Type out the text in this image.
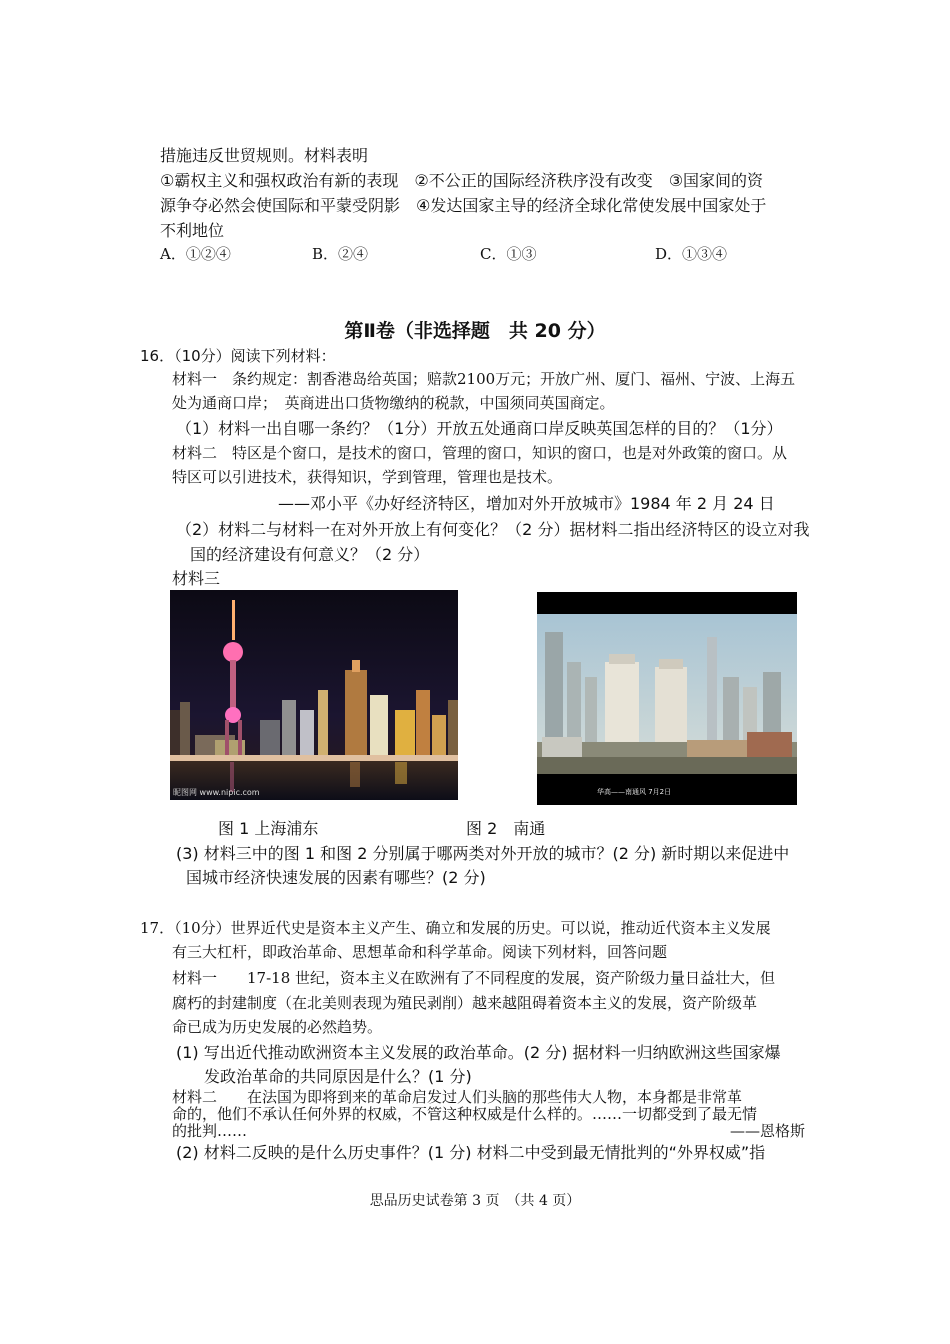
措施违反世贸规则。材料表明
①霸权主义和强权政治有新的表现　②不公正的国际经济秩序没有改变　③国家间的资
源争夺必然会使国际和平蒙受阴影　④发达国家主导的经济全球化常使发展中国家处于
不利地位
A．①②④	B．②④	C．①③	D．①③④
第Ⅱ卷（非选择题　共 20 分）
16．（10分）阅读下列材料：
材料一　条约规定：割香港岛给英国；赔款2100万元；开放广州、厦门、福州、宁波、上海五
处为通商口岸；　英商进出口货物缴纳的税款，中国须同英国商定。
（1）材料一出自哪一条约？（1分）开放五处通商口岸反映英国怎样的目的？（1分）
材料二　特区是个窗口，是技术的窗口，管理的窗口，知识的窗口，也是对外政策的窗口。从
特区可以引进技术，获得知识，学到管理，管理也是技术。
——邓小平《办好经济特区，增加对外开放城市》1984 年 2 月 24 日
（2）材料二与材料一在对外开放上有何变化？（2 分）据材料二指出经济特区的设立对我
国的经济建设有何意义？（2 分）
材料三
昵图网 www.nipic.com	华高——南通风 7月2日
图 1 上海浦东	图 2　南通
(3) 材料三中的图 1 和图 2 分别属于哪两类对外开放的城市？(2 分) 新时期以来促进中
国城市经济快速发展的因素有哪些？(2 分)
17．（10分）世界近代史是资本主义产生、确立和发展的历史。可以说，推动近代资本主义发展
有三大杠杆，即政治革命、思想革命和科学革命。阅读下列材料，回答问题
材料一　　17-18 世纪，资本主义在欧洲有了不同程度的发展，资产阶级力量日益壮大，但
腐朽的封建制度（在北美则表现为殖民剥削）越来越阻碍着资本主义的发展，资产阶级革
命已成为历史发展的必然趋势。
(1) 写出近代推动欧洲资本主义发展的政治革命。(2 分) 据材料一归纳欧洲这些国家爆
发政治革命的共同原因是什么？(1 分)
材料二　　在法国为即将到来的革命启发过人们头脑的那些伟大人物，本身都是非常革
命的，他们不承认任何外界的权威，不管这种权威是什么样的。……一切都受到了最无情
的批判……	——恩格斯
(2) 材料二反映的是什么历史事件？(1 分) 材料二中受到最无情批判的“外界权威”指
思品历史试卷第 3 页　（共 4 页）
